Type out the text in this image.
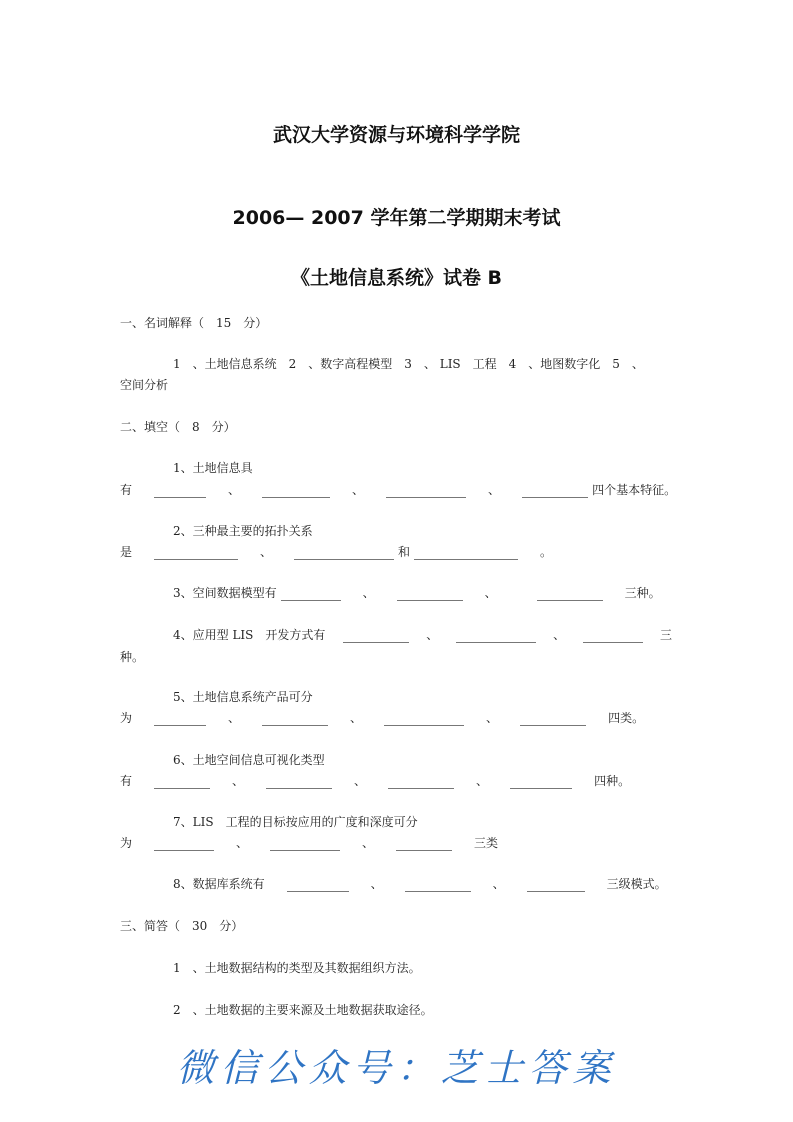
武汉大学资源与环境科学学院
2006— 2007 学年第二学期期末考试
《土地信息系统》试卷 B
一、名词解释（　15　分）
1　、土地信息系统　2　、数字高程模型　3　、 LIS　工程　4　、地图数字化　5　、
空间分析
二、填空（　8　分）
1、土地信息具
有	、	、	、	四个基本特征。
2、三种最主要的拓扑关系
是	、	和	。
3、空间数据模型有	、	、	三种。
4、应用型 LIS　开发方式有	、	、	三
种。
5、土地信息系统产品可分
为	、	、	、	四类。
6、土地空间信息可视化类型
有	、	、	、	四种。
7、LIS　工程的目标按应用的广度和深度可分
为	、	、	三类
8、数据库系统有	、	、	三级模式。
三、简答（　30　分）
1　、土地数据结构的类型及其数据组织方法。
2　、土地数据的主要来源及土地数据获取途径。
微信公众号：芝士答案
